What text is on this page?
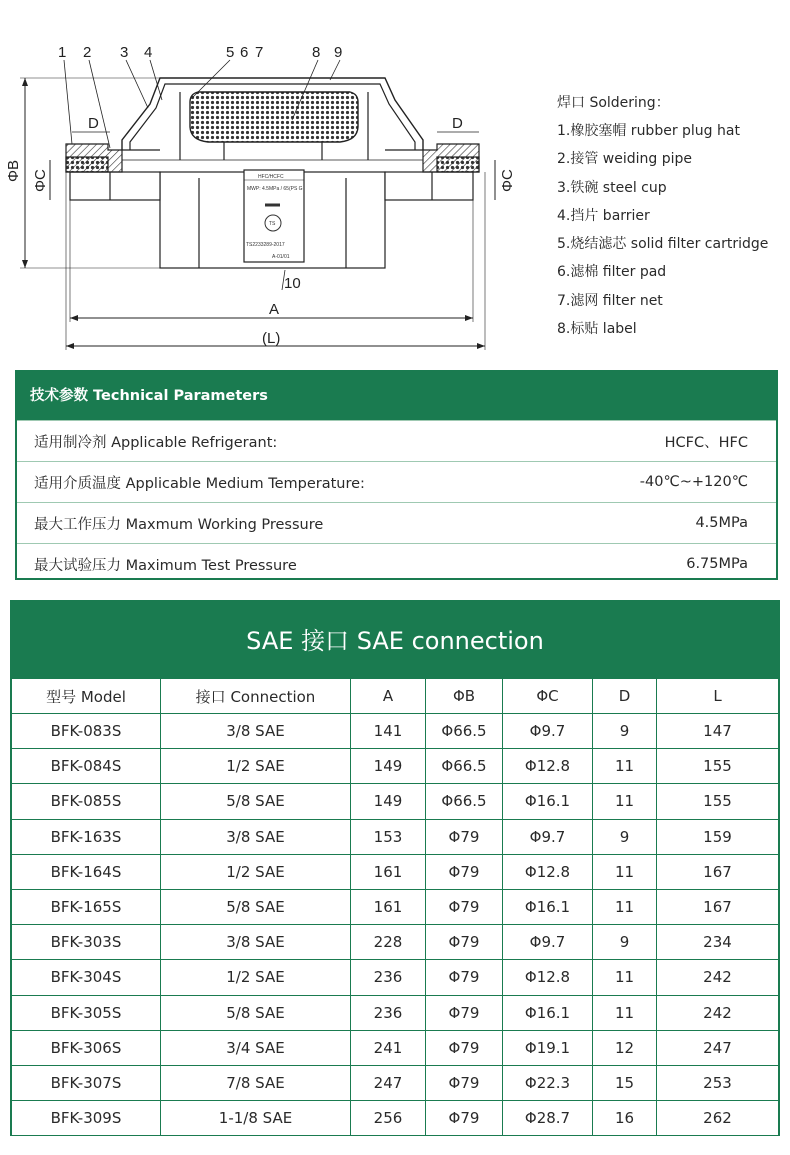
1 2 3 4	5 6 7	8 9
10
ΦB ΦC	ΦC
D	D
A
(L)
HFC/HCFC
MWP: 4.5MPa / 65(PS G
TS
TS2233289-2017
A-01/01
焊口 Soldering：
1.橡胶塞帽 rubber plug hat
2.接管 weiding pipe
3.铁碗 steel cup
4.挡片 barrier
5.烧结滤芯 solid filter cartridge
6.滤棉 filter pad
7.滤网 filter net
8.标贴 label
技术参数 Technical Parameters
适用制冷剂 Applicable Refrigerant:	HCFC、HFC
适用介质温度 Applicable Medium Temperature:	-40℃~+120℃
最大工作压力 Maxmum Working Pressure	4.5MPa
最大试验压力 Maximum Test Pressure	6.75MPa
SAE 接口 SAE connection
型号 Model	接口 Connection	A	ΦB	ΦC	D	L
BFK-083S	3/8 SAE	141	Φ66.5	Φ9.7	9	147
BFK-084S	1/2 SAE	149	Φ66.5	Φ12.8	11	155
BFK-085S	5/8 SAE	149	Φ66.5	Φ16.1	11	155
BFK-163S	3/8 SAE	153	Φ79	Φ9.7	9	159
BFK-164S	1/2 SAE	161	Φ79	Φ12.8	11	167
BFK-165S	5/8 SAE	161	Φ79	Φ16.1	11	167
BFK-303S	3/8 SAE	228	Φ79	Φ9.7	9	234
BFK-304S	1/2 SAE	236	Φ79	Φ12.8	11	242
BFK-305S	5/8 SAE	236	Φ79	Φ16.1	11	242
BFK-306S	3/4 SAE	241	Φ79	Φ19.1	12	247
BFK-307S	7/8 SAE	247	Φ79	Φ22.3	15	253
BFK-309S	1-1/8 SAE	256	Φ79	Φ28.7	16	262
